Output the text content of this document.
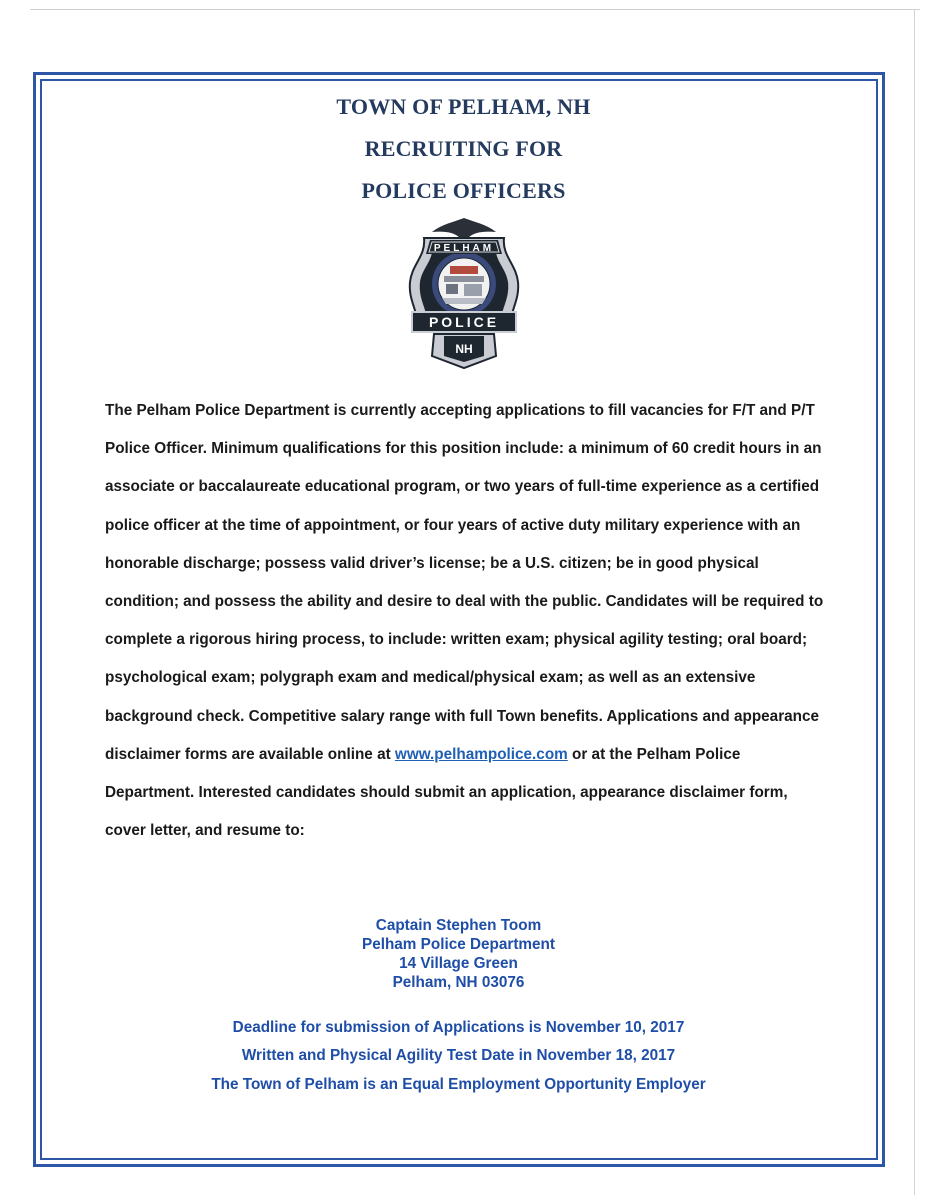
TOWN OF PELHAM, NH
RECRUITING FOR
POLICE OFFICERS
PELHAM
POLICE
NH
The Pelham Police Department is currently accepting applications to fill vacancies for F/T and P/T Police Officer. Minimum qualifications for this position include: a minimum of 60 credit hours in an associate or baccalaureate educational program, or two years of full-time experience as a certified police officer at the time of appointment, or four years of active duty military experience with an honorable discharge; possess valid driver’s license; be a U.S. citizen; be in good physical condition; and possess the ability and desire to deal with the public. Candidates will be required to complete a rigorous hiring process, to include: written exam; physical agility testing; oral board; psychological exam; polygraph exam and medical/physical exam; as well as an extensive background check. Competitive salary range with full Town benefits. Applications and appearance disclaimer forms are available online at www.pelhampolice.com or at the Pelham Police Department. Interested candidates should submit an application, appearance disclaimer form, cover letter, and resume to:
Captain Stephen Toom
Pelham Police Department
14 Village Green
Pelham, NH 03076
Deadline for submission of Applications is November 10, 2017
Written and Physical Agility Test Date in November 18, 2017
The Town of Pelham is an Equal Employment Opportunity Employer
